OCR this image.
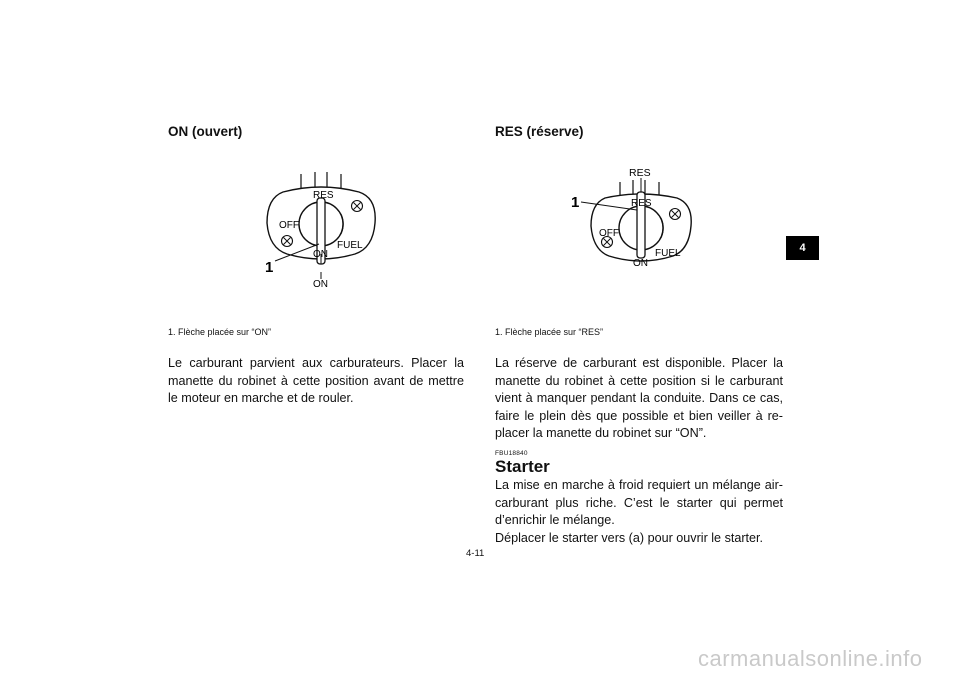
ON (ouvert)
RES
OFF
FUEL
ON
ON
1
1. Flèche placée sur “ON”

Le carburant parvient aux carburateurs. Placer la manette du robinet à cette position avant de mettre le moteur en marche et de rouler.

RES (réserve)
RES
RES
OFF
FUEL
ON
1
1. Flèche placée sur “RES”

La réserve de carburant est disponible. Placer la manette du robinet à cette position si le carburant vient à manquer pendant la conduite. Dans ce cas, faire le plein dès que possible et bien veiller à re-placer la manette du robinet sur “ON”.

FBU18840
Starter

La mise en marche à froid requiert un mélange air-carburant plus riche. C’est le starter qui permet d’enrichir le mélange.

Déplacer le starter vers (a) pour ouvrir le starter.

4-11
4
carmanualsonline.info
